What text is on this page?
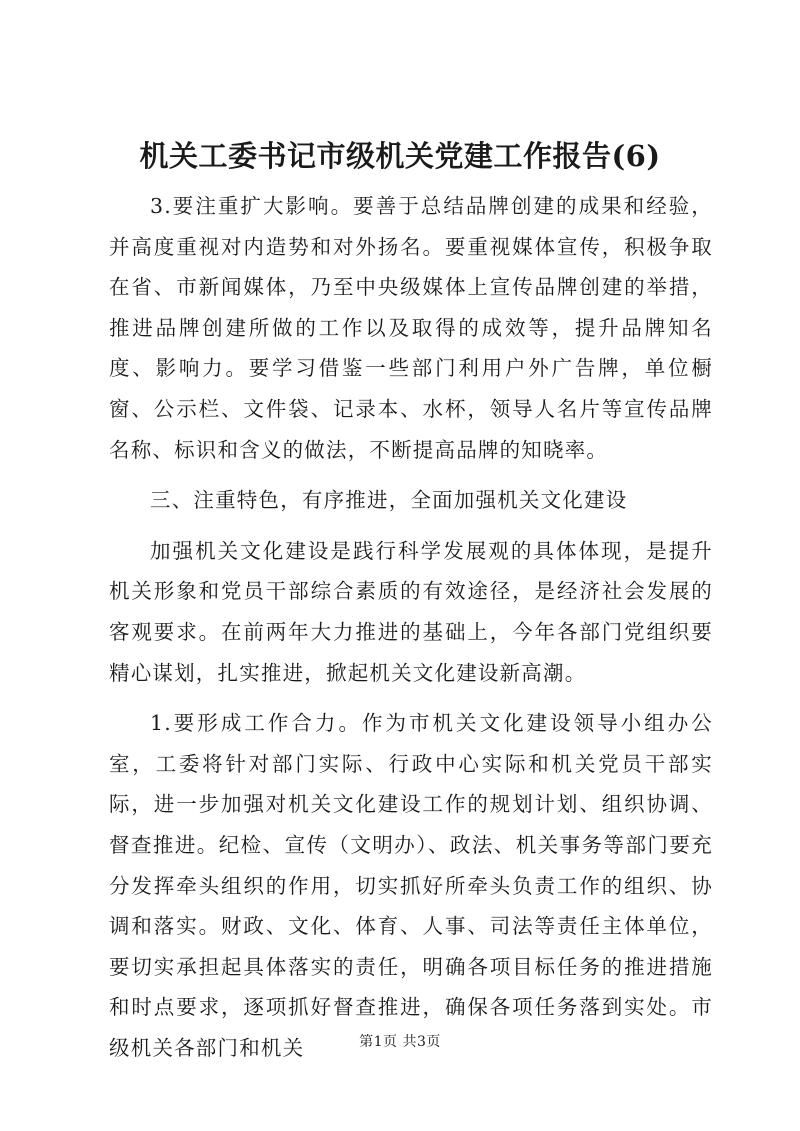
机关工委书记市级机关党建工作报告(6)

3.要注重扩大影响。要善于总结品牌创建的成果和经验，并高度重视对内造势和对外扬名。要重视媒体宣传，积极争取在省、市新闻媒体，乃至中央级媒体上宣传品牌创建的举措，推进品牌创建所做的工作以及取得的成效等，提升品牌知名度、影响力。要学习借鉴一些部门利用户外广告牌，单位橱窗、公示栏、文件袋、记录本、水杯，领导人名片等宣传品牌名称、标识和含义的做法，不断提高品牌的知晓率。

三、注重特色，有序推进，全面加强机关文化建设

加强机关文化建设是践行科学发展观的具体体现，是提升机关形象和党员干部综合素质的有效途径，是经济社会发展的客观要求。在前两年大力推进的基础上，今年各部门党组织要精心谋划，扎实推进，掀起机关文化建设新高潮。

1.要形成工作合力。作为市机关文化建设领导小组办公室，工委将针对部门实际、行政中心实际和机关党员干部实际，进一步加强对机关文化建设工作的规划计划、组织协调、督查推进。纪检、宣传（文明办）、政法、机关事务等部门要充分发挥牵头组织的作用，切实抓好所牵头负责工作的组织、协调和落实。财政、文化、体育、人事、司法等责任主体单位，要切实承担起具体落实的责任，明确各项目标任务的推进措施和时点要求，逐项抓好督查推进，确保各项任务落到实处。市级机关各部门和机关	第1页 共3页
